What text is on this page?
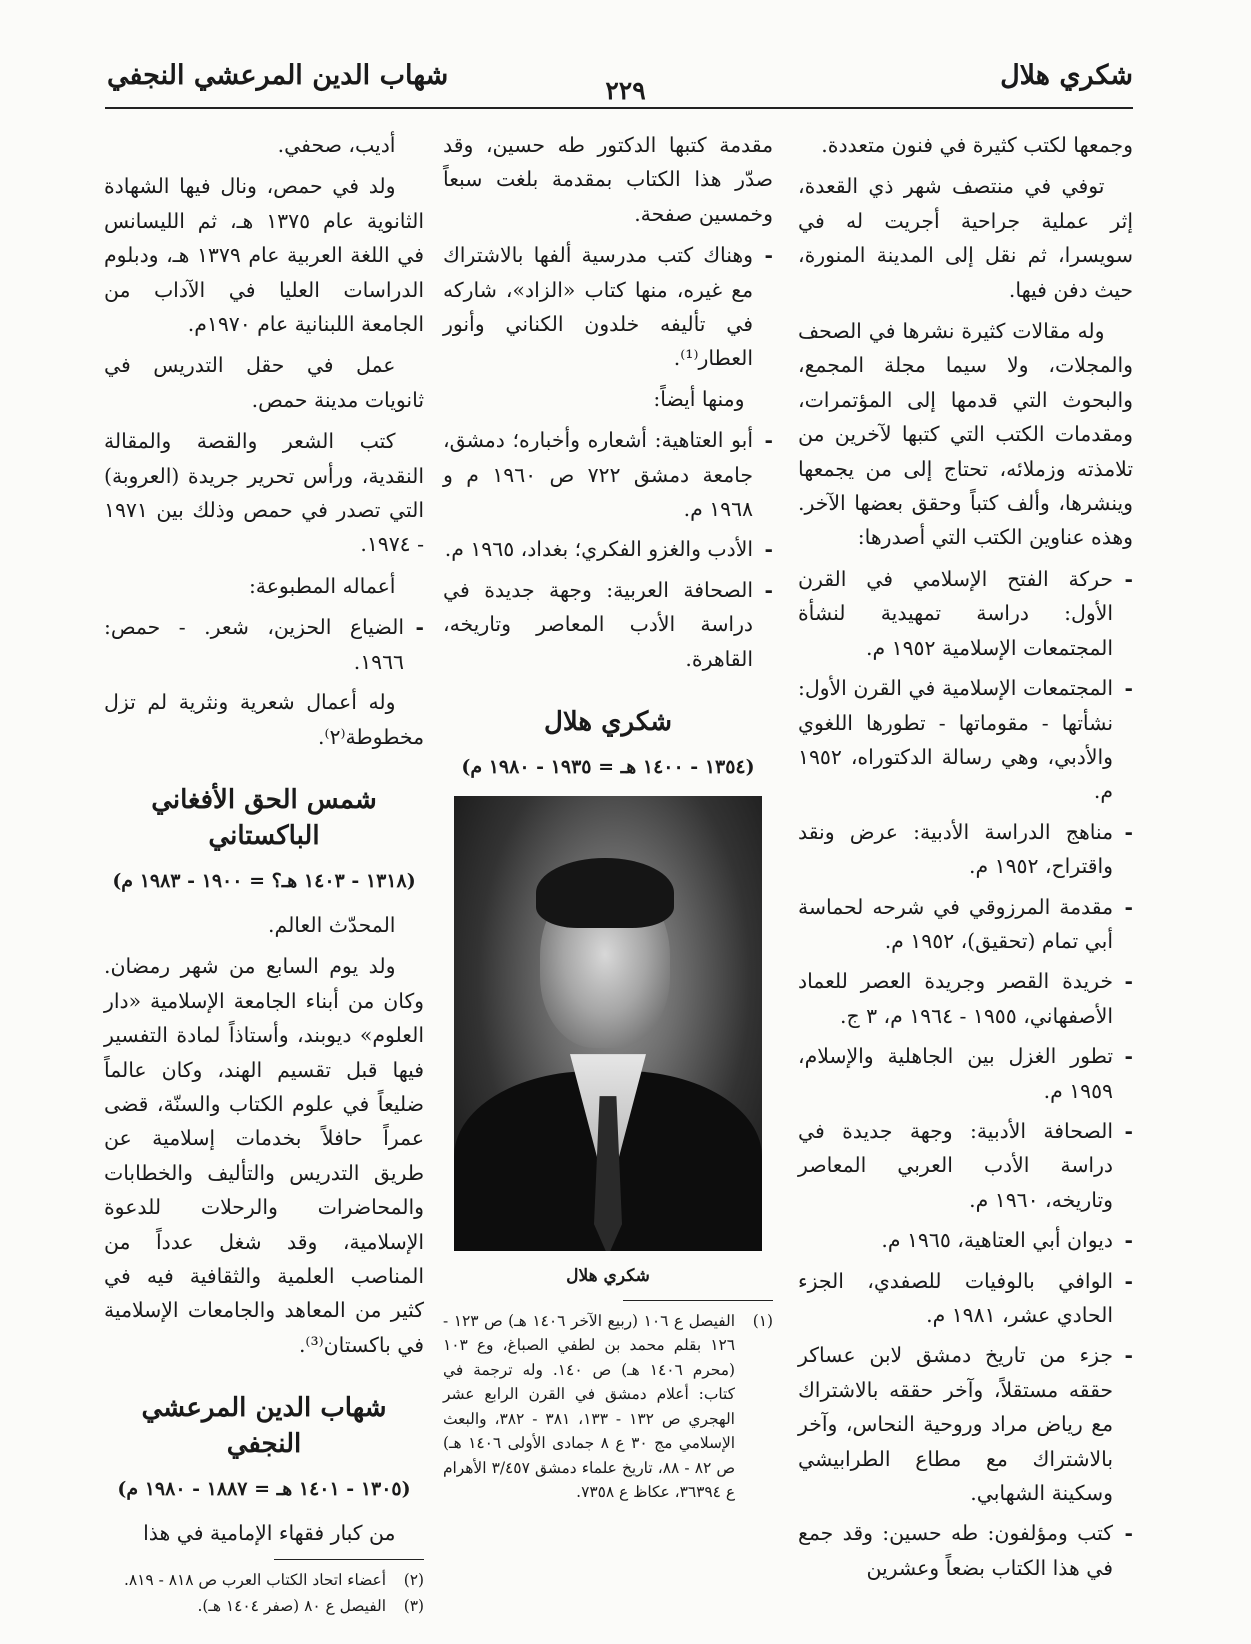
شكري هلال
٢٢٩
شهاب الدين المرعشي النجفي

وجمعها لكتب كثيرة في فنون متعددة.

توفي في منتصف شهر ذي القعدة، إثر عملية جراحية أجريت له في سويسرا، ثم نقل إلى المدينة المنورة، حيث دفن فيها.

وله مقالات كثيرة نشرها في الصحف والمجلات، ولا سيما مجلة المجمع، والبحوث التي قدمها إلى المؤتمرات، ومقدمات الكتب التي كتبها لآخرين من تلامذته وزملائه، تحتاج إلى من يجمعها وينشرها، وألف كتباً وحقق بعضها الآخر. وهذه عناوين الكتب التي أصدرها:

- حركة الفتح الإسلامي في القرن الأول: دراسة تمهيدية لنشأة المجتمعات الإسلامية ١٩٥٢ م.
- المجتمعات الإسلامية في القرن الأول: نشأتها - مقوماتها - تطورها اللغوي والأدبي، وهي رسالة الدكتوراه، ١٩٥٢ م.
- مناهج الدراسة الأدبية: عرض ونقد واقتراح، ١٩٥٢ م.
- مقدمة المرزوقي في شرحه لحماسة أبي تمام (تحقيق)، ١٩٥٢ م.
- خريدة القصر وجريدة العصر للعماد الأصفهاني، ١٩٥٥ - ١٩٦٤ م، ٣ ج.
- تطور الغزل بين الجاهلية والإسلام، ١٩٥٩ م.
- الصحافة الأدبية: وجهة جديدة في دراسة الأدب العربي المعاصر وتاريخه، ١٩٦٠ م.
- ديوان أبي العتاهية، ١٩٦٥ م.
- الوافي بالوفيات للصفدي، الجزء الحادي عشر، ١٩٨١ م.
- جزء من تاريخ دمشق لابن عساكر حققه مستقلاً، وآخر حققه بالاشتراك مع رياض مراد وروحية النحاس، وآخر بالاشتراك مع مطاع الطرابيشي وسكينة الشهابي.
- كتب ومؤلفون: طه حسين: وقد جمع في هذا الكتاب بضعاً وعشرين

مقدمة كتبها الدكتور طه حسين، وقد صدّر هذا الكتاب بمقدمة بلغت سبعاً وخمسين صفحة.

- وهناك كتب مدرسية ألفها بالاشتراك مع غيره، منها كتاب «الزاد»، شاركه في تأليفه خلدون الكناني وأنور العطار⁽¹⁾.

ومنها أيضاً:

- أبو العتاهية: أشعاره وأخباره؛ دمشق، جامعة دمشق ٧٢٢ ص ١٩٦٠ م و ١٩٦٨ م.
- الأدب والغزو الفكري؛ بغداد، ١٩٦٥ م.
- الصحافة العربية: وجهة جديدة في دراسة الأدب المعاصر وتاريخه، القاهرة.
شكري هلال
(١٣٥٤ - ١٤٠٠ هـ = ١٩٣٥ - ١٩٨٠ م)
شكري هلال
(١)
الفيصل ع ١٠٦ (ربيع الآخر ١٤٠٦ هـ) ص ١٢٣ - ١٢٦ بقلم محمد بن لطفي الصباغ، وع ١٠٣ (محرم ١٤٠٦ هـ) ص ١٤٠. وله ترجمة في كتاب: أعلام دمشق في القرن الرابع عشر الهجري ص ١٣٢ - ١٣٣، ٣٨١ - ٣٨٢، والبعث الإسلامي مج ٣٠ ع ٨ جمادى الأولى ١٤٠٦ هـ) ص ٨٢ - ٨٨، تاريخ علماء دمشق ٣/٤٥٧ الأهرام ع ٣٦٣٩٤، عكاظ ع ٧٣٥٨.

أديب، صحفي.

ولد في حمص، ونال فيها الشهادة الثانوية عام ١٣٧٥ هـ، ثم الليسانس في اللغة العربية عام ١٣٧٩ هـ، ودبلوم الدراسات العليا في الآداب من الجامعة اللبنانية عام ١٩٧٠م.

عمل في حقل التدريس في ثانويات مدينة حمص.

كتب الشعر والقصة والمقالة النقدية، ورأس تحرير جريدة (العروبة) التي تصدر في حمص وذلك بين ١٩٧١ - ١٩٧٤.

أعماله المطبوعة:

- الضياع الحزين، شعر. - حمص: ١٩٦٦.

وله أعمال شعرية ونثرية لم تزل مخطوطة⁽٢⁾.

شمس الحق الأفغاني الباكستاني
(١٣١٨ - ١٤٠٣ هـ؟ = ١٩٠٠ - ١٩٨٣ م)

المحدّث العالم.

ولد يوم السابع من شهر رمضان. وكان من أبناء الجامعة الإسلامية «دار العلوم» ديوبند، وأستاذاً لمادة التفسير فيها قبل تقسيم الهند، وكان عالماً ضليعاً في علوم الكتاب والسنّة، قضى عمراً حافلاً بخدمات إسلامية عن طريق التدريس والتأليف والخطابات والمحاضرات والرحلات للدعوة الإسلامية، وقد شغل عدداً من المناصب العلمية والثقافية فيه في كثير من المعاهد والجامعات الإسلامية في باكستان⁽³⁾.

شهاب الدين المرعشي النجفي
(١٣٠٥ - ١٤٠١ هـ = ١٨٨٧ - ١٩٨٠ م)

من كبار فقهاء الإمامية في هذا

(٢)
أعضاء اتحاد الكتاب العرب ص ٨١٨ - ٨١٩.
(٣)
الفيصل ع ٨٠ (صفر ١٤٠٤ هـ).
